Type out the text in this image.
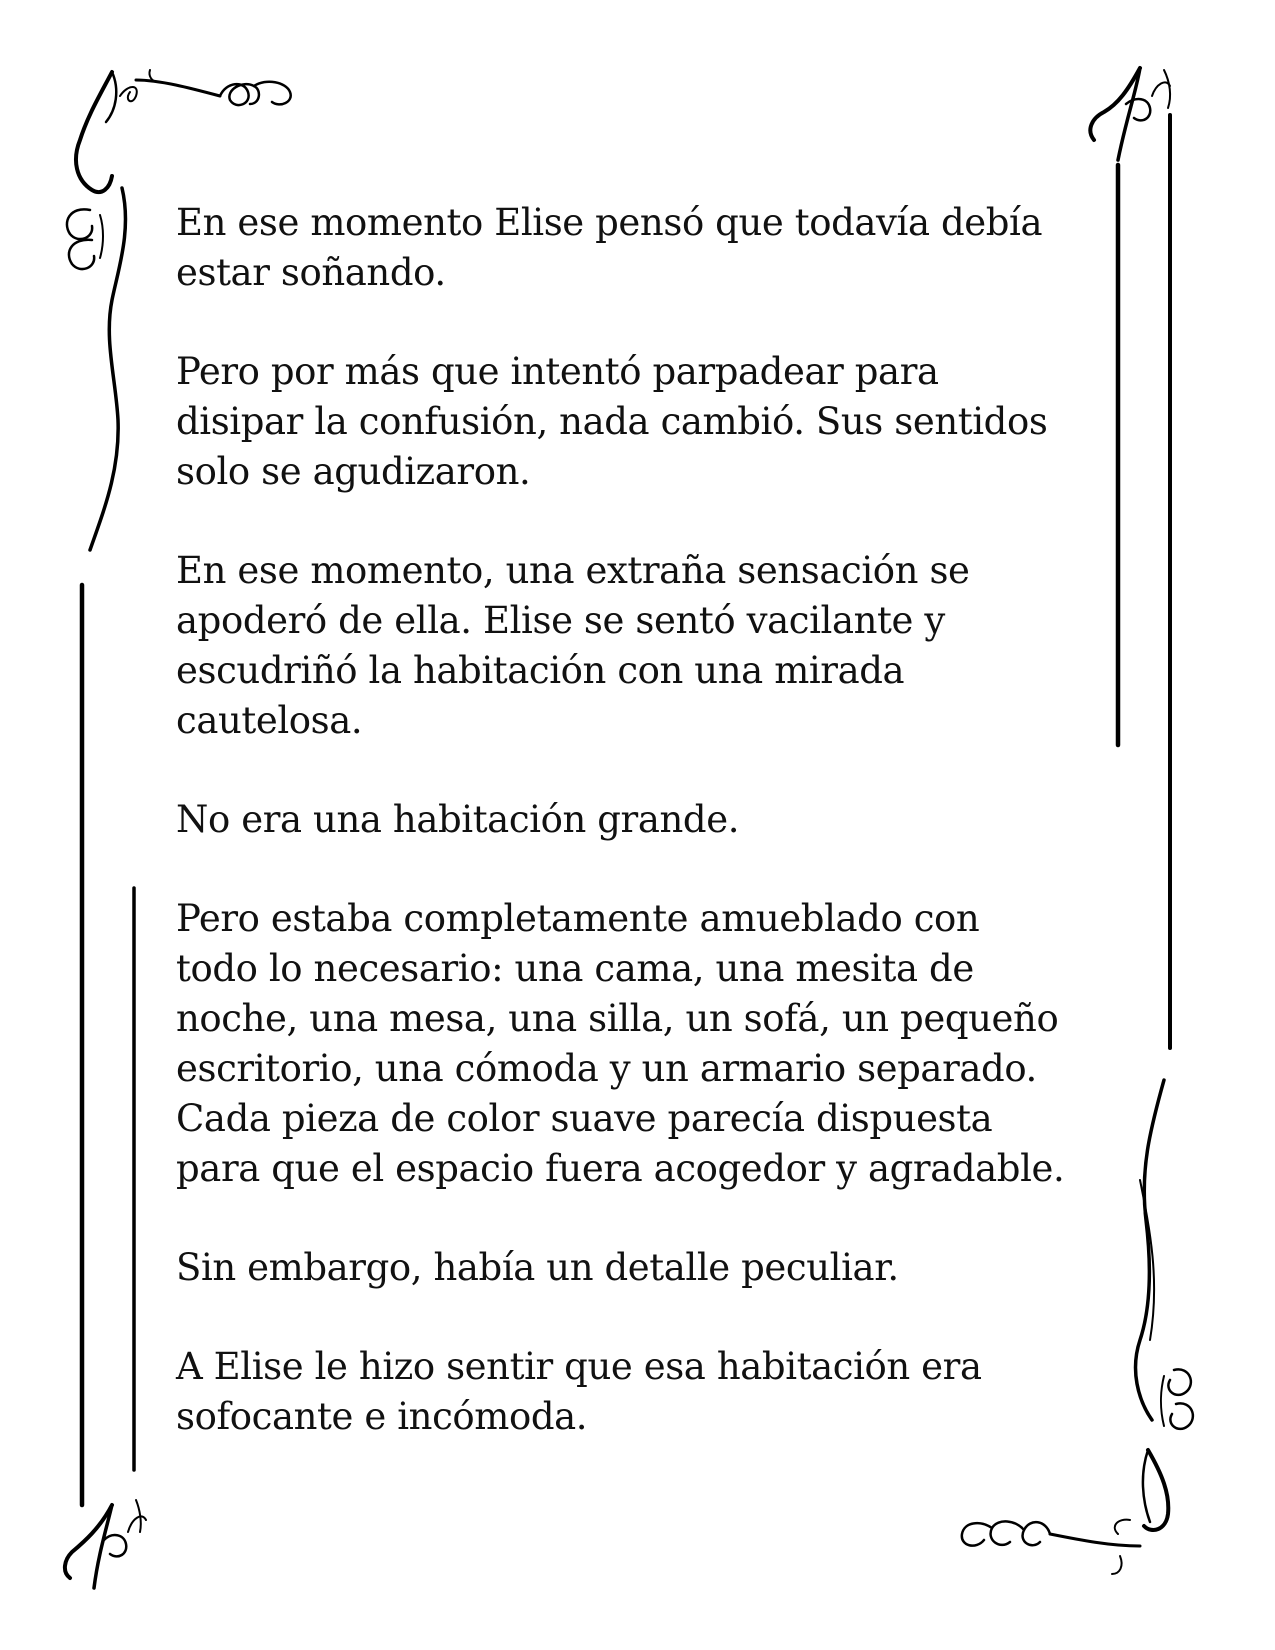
En ese momento Elise pensó que todavía debía
estar soñando.

Pero por más que intentó parpadear para
disipar la confusión, nada cambió. Sus sentidos
solo se agudizaron.

En ese momento, una extraña sensación se
apoderó de ella. Elise se sentó vacilante y
escudriñó la habitación con una mirada
cautelosa.

No era una habitación grande.

Pero estaba completamente amueblado con
todo lo necesario: una cama, una mesita de
noche, una mesa, una silla, un sofá, un pequeño
escritorio, una cómoda y un armario separado.
Cada pieza de color suave parecía dispuesta
para que el espacio fuera acogedor y agradable.

Sin embargo, había un detalle peculiar.

A Elise le hizo sentir que esa habitación era
sofocante e incómoda.
